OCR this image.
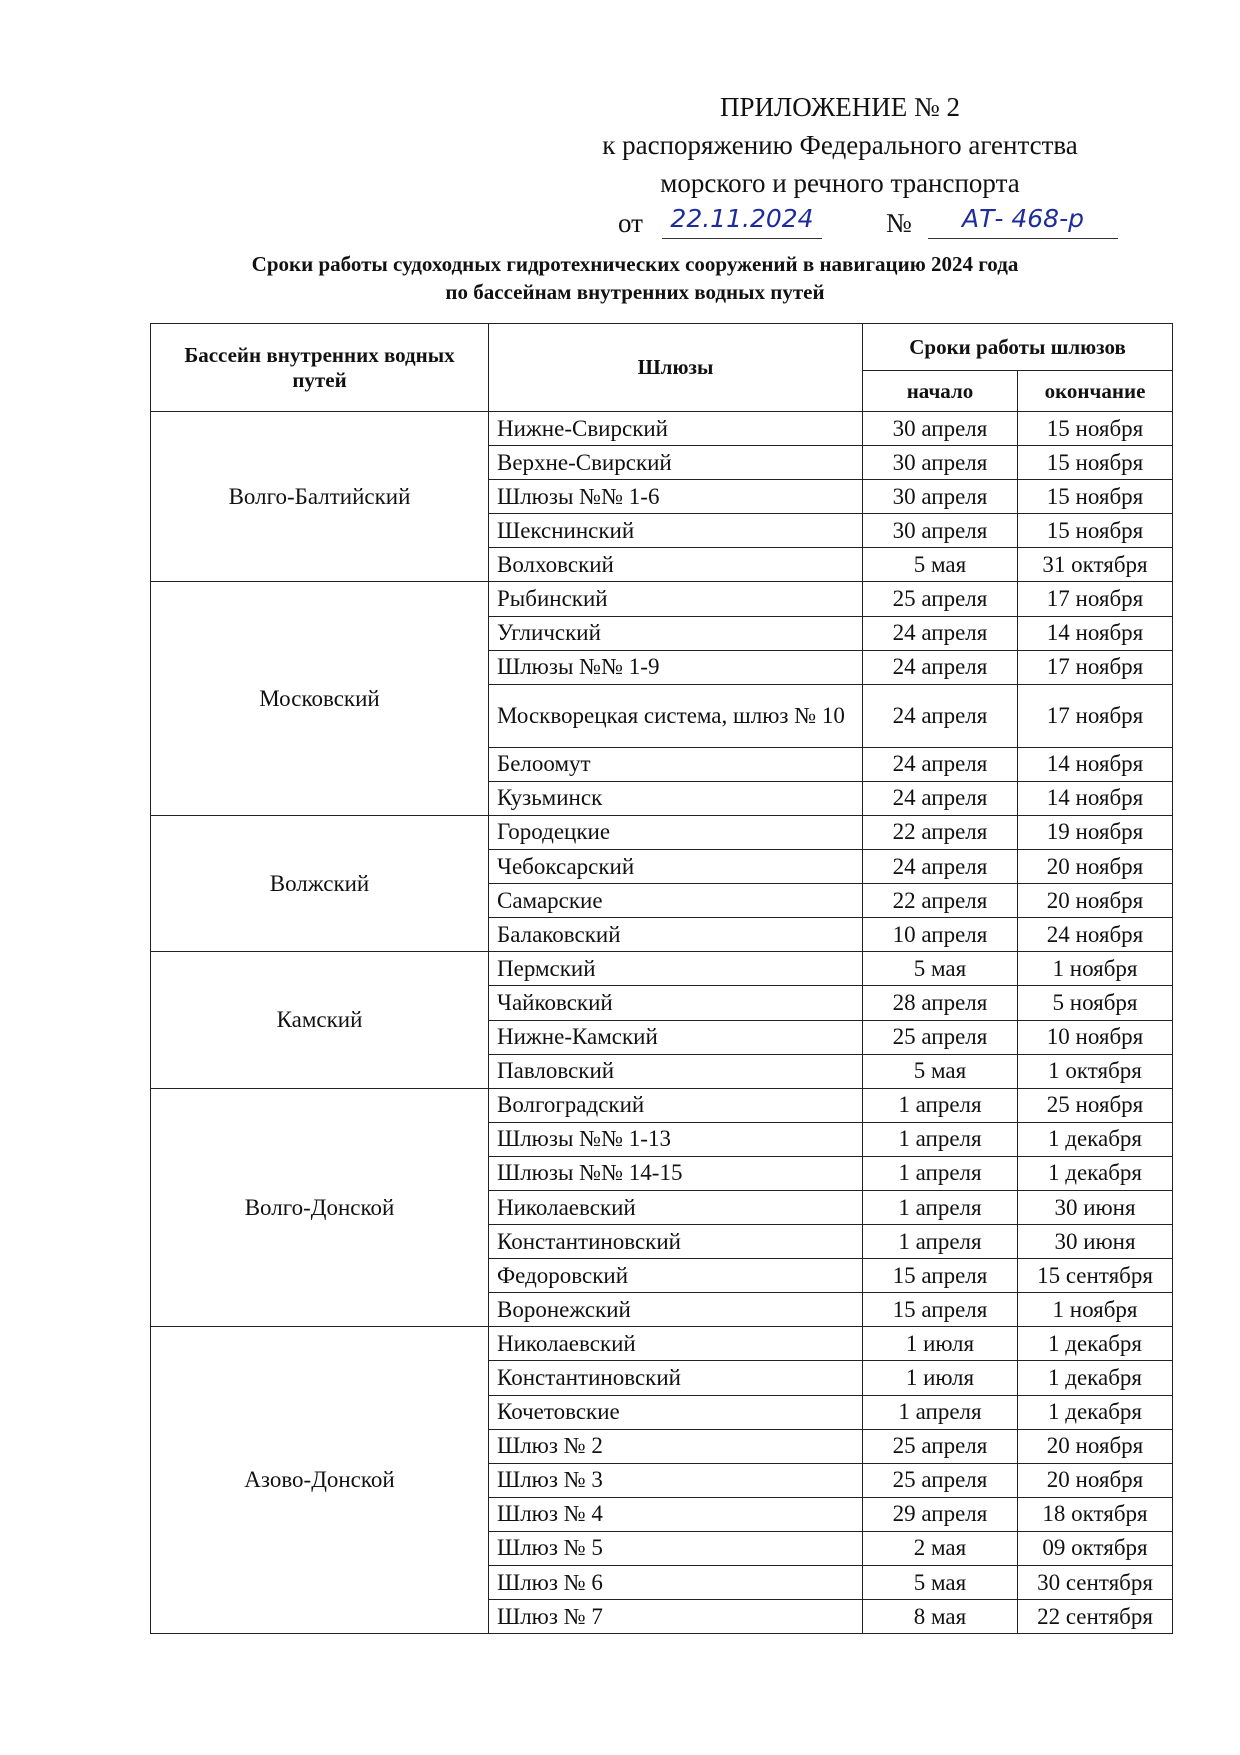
ПРИЛОЖЕНИЕ № 2
к распоряжению Федерального агентства
морского и речного транспорта
от	22.11.2024	№	АТ- 468-р
Сроки работы судоходных гидротехнических сооружений в навигацию 2024 года
по бассейнам внутренних водных путей
Бассейн внутренних водных путей	Шлюзы	Сроки работы шлюзов	
		начало	окончание
Волго-Балтийский	Нижне-Свирский	30 апреля	15 ноября
	Верхне-Свирский	30 апреля	15 ноября
	Шлюзы №№ 1-6	30 апреля	15 ноября
	Шекснинский	30 апреля	15 ноября
	Волховский	5 мая	31 октября
Московский	Рыбинский	25 апреля	17 ноября
	Угличский	24 апреля	14 ноября
	Шлюзы №№ 1-9	24 апреля	17 ноября
	Москворецкая система, шлюз № 10	24 апреля	17 ноября
	Белоомут	24 апреля	14 ноября
	Кузьминск	24 апреля	14 ноября
Волжский	Городецкие	22 апреля	19 ноября
	Чебоксарский	24 апреля	20 ноября
	Самарские	22 апреля	20 ноября
	Балаковский	10 апреля	24 ноября
Камский	Пермский	5 мая	1 ноября
	Чайковский	28 апреля	5 ноября
	Нижне-Камский	25 апреля	10 ноября
	Павловский	5 мая	1 октября
Волго-Донской	Волгоградский	1 апреля	25 ноября
	Шлюзы №№ 1-13	1 апреля	1 декабря
	Шлюзы №№ 14-15	1 апреля	1 декабря
	Николаевский	1 апреля	30 июня
	Константиновский	1 апреля	30 июня
	Федоровский	15 апреля	15 сентября
	Воронежский	15 апреля	1 ноября
Азово-Донской	Николаевский	1 июля	1 декабря
	Константиновский	1 июля	1 декабря
	Кочетовские	1 апреля	1 декабря
	Шлюз № 2	25 апреля	20 ноября
	Шлюз № 3	25 апреля	20 ноября
	Шлюз № 4	29 апреля	18 октября
	Шлюз № 5	2 мая	09 октября
	Шлюз № 6	5 мая	30 сентября
	Шлюз № 7	8 мая	22 сентября
